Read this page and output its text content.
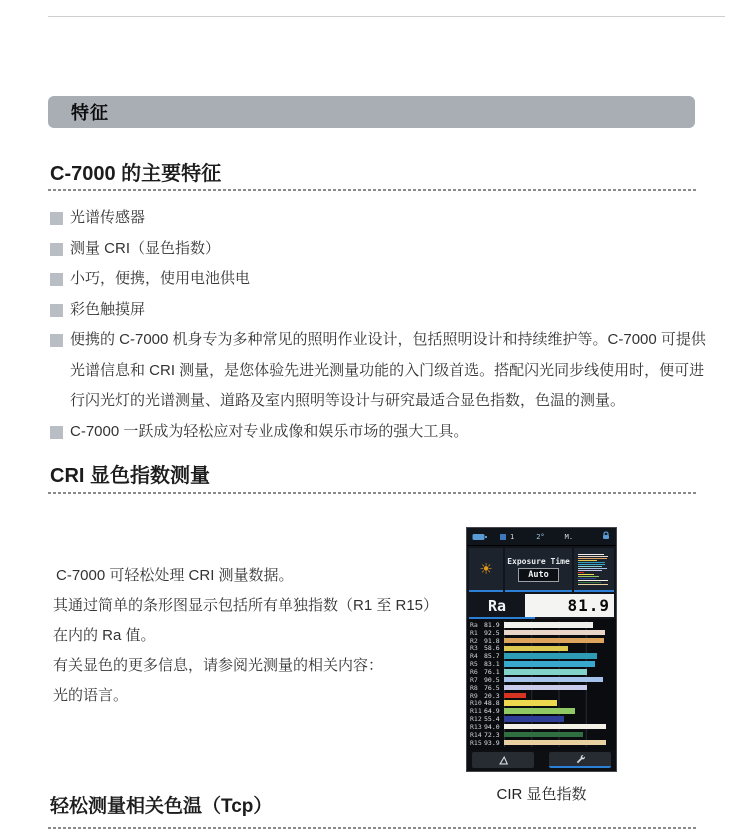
特征
C-7000 的主要特征
光谱传感器
测量 CRI（显色指数）
小巧，便携，使用电池供电
彩色触摸屏
便携的 C-7000 机身专为多种常见的照明作业设计，包括照明设计和持续维护等。C-7000 可提供光谱信息和 CRI 测量，是您体验先进光测量功能的入门级首选。搭配闪光同步线使用时，便可进行闪光灯的光谱测量、道路及室内照明等设计与研究最适合显色指数，色温的测量。
C-7000 一跃成为轻松应对专业成像和娱乐市场的强大工具。
CRI 显色指数测量
C-7000 可轻松处理 CRI 测量数据。
其通过简单的条形图显示包括所有单独指数（R1 至 R15）
在内的 Ra 值。
有关显色的更多信息，请参阅光测量的相关内容：
光的语言。
1	2°	M.
☀ Exposure Time
Auto
Ra	81.9
Ra 81.9
R1 92.5
R2 91.8
R3 58.6
R4 85.7
R5 83.1
R6 76.1
R7 90.5
R8 76.5
R9 20.3
R10 48.8
R11 64.9
R12 55.4
R13 94.0
R14 72.3
R15 93.9
CIR 显色指数
轻松测量相关色温（Tcp）
